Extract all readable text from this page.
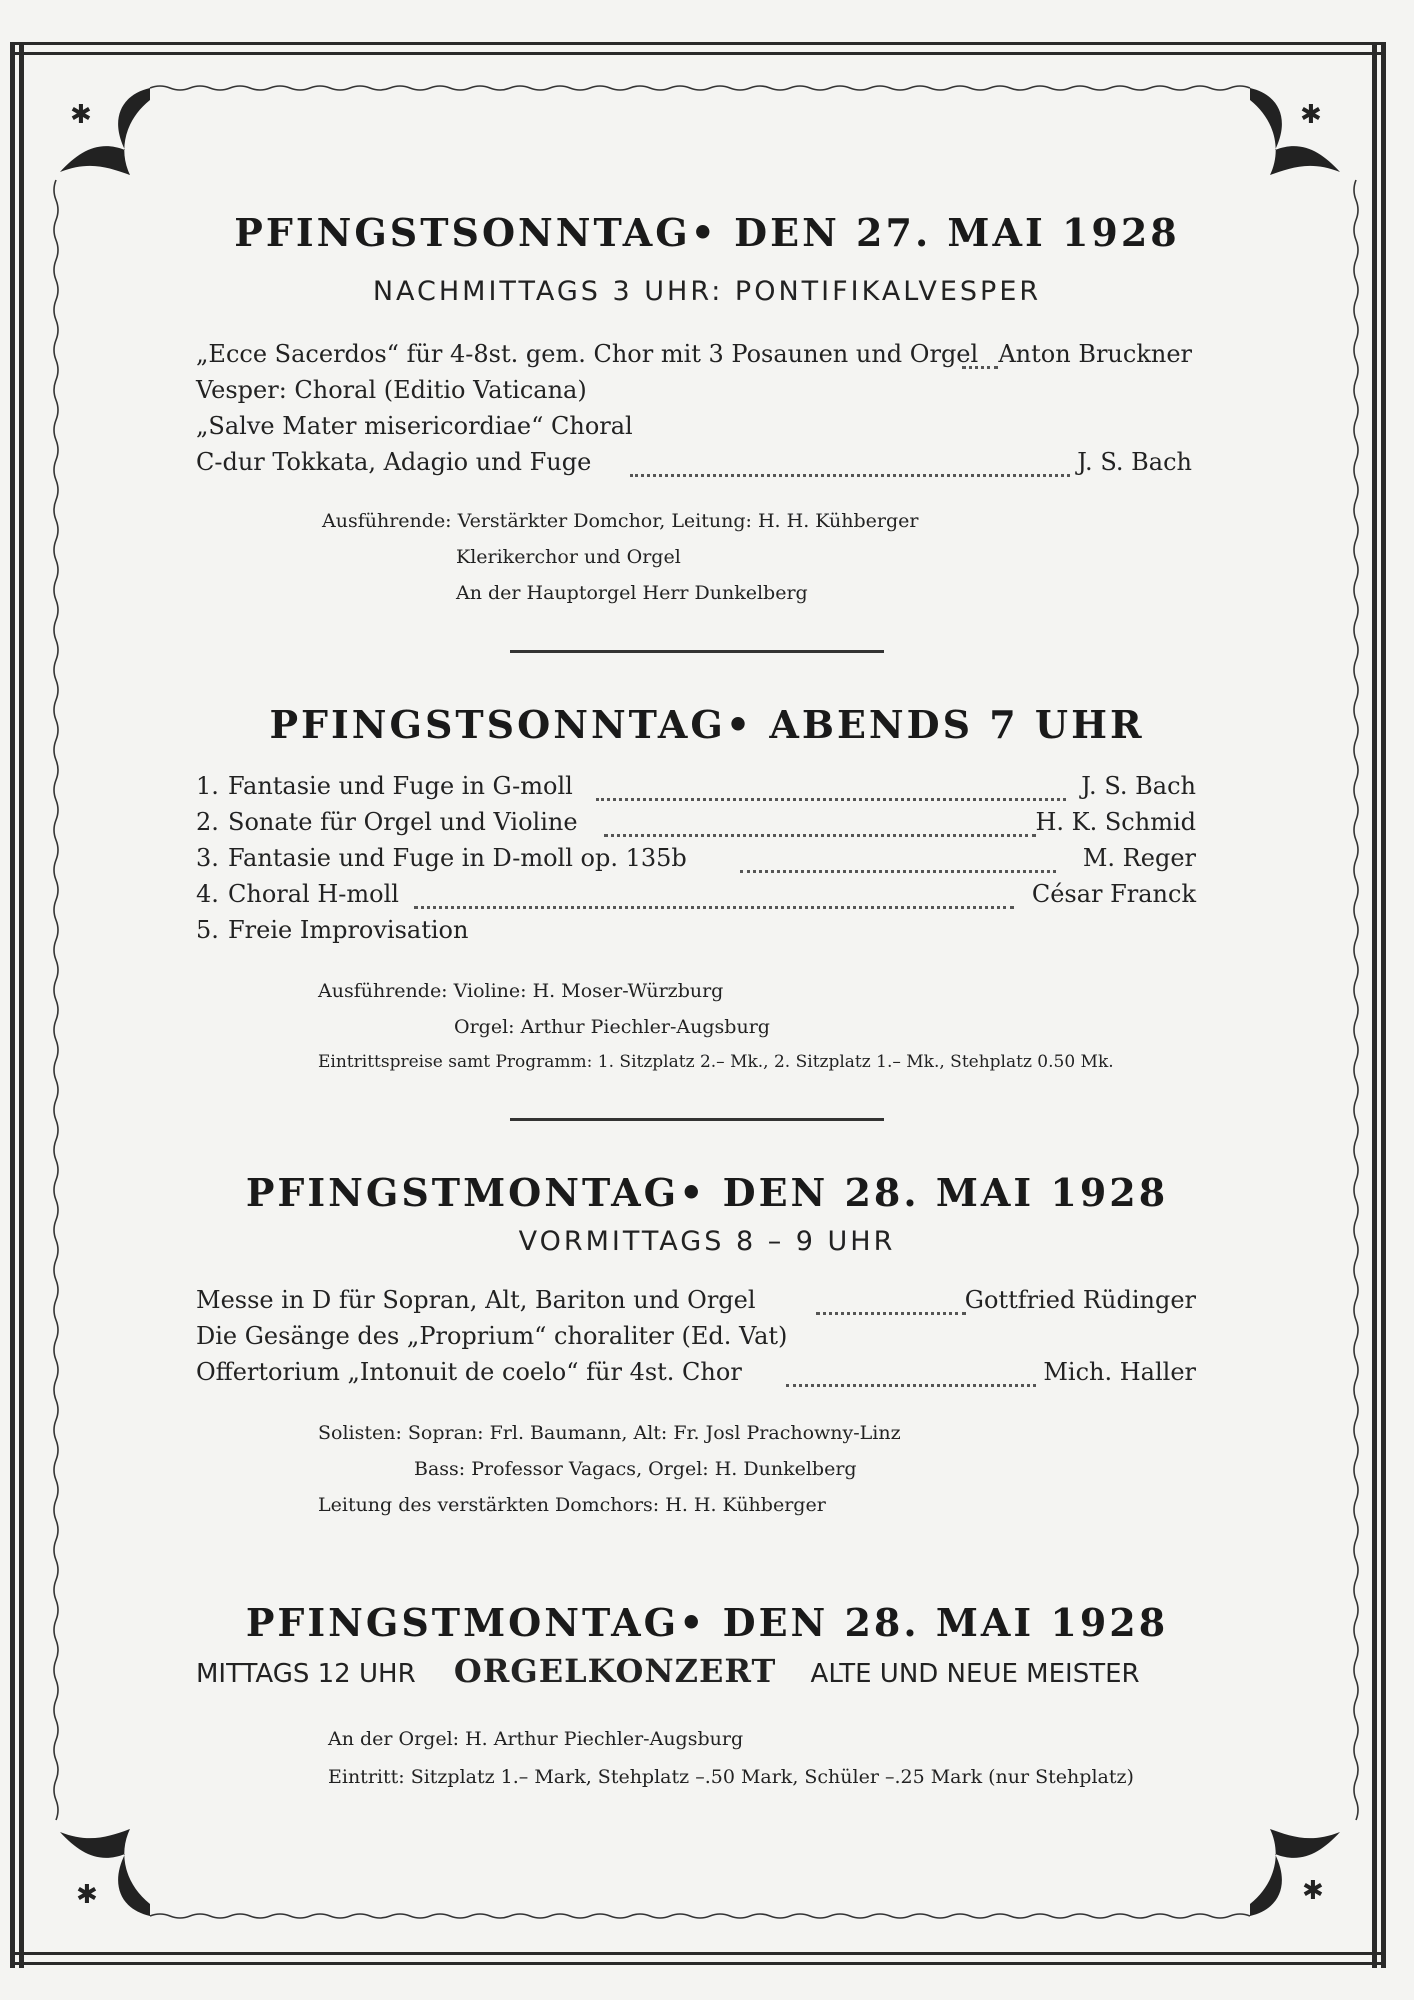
✱	✱
✱	✱
PFINGSTSONNTAG• DEN 27. MAI 1928
NACHMITTAGS 3 UHR: PONTIFIKALVESPER
„Ecce Sacerdos“ für 4-8st. gem. Chor mit 3 Posaunen und Orgel Anton Bruckner
Vesper: Choral (Editio Vaticana)
„Salve Mater misericordiae“ Choral
C-dur Tokkata, Adagio und Fuge	J. S. Bach
Ausführende: Verstärkter Domchor, Leitung: H. H. Kühberger
Klerikerchor und Orgel
An der Hauptorgel Herr Dunkelberg
PFINGSTSONNTAG• ABENDS 7 UHR
1. Fantasie und Fuge in G-moll	J. S. Bach
2. Sonate für Orgel und Violine	H. K. Schmid
3. Fantasie und Fuge in D-moll op. 135b	M. Reger
4. Choral H-moll	César Franck
5. Freie Improvisation
Ausführende: Violine: H. Moser-Würzburg
Orgel: Arthur Piechler-Augsburg
Eintrittspreise samt Programm: 1. Sitzplatz 2.– Mk., 2. Sitzplatz 1.– Mk., Stehplatz 0.50 Mk.
PFINGSTMONTAG• DEN 28. MAI 1928
VORMITTAGS 8 – 9 UHR
Messe in D für Sopran, Alt, Bariton und Orgel	Gottfried Rüdinger
Die Gesänge des „Proprium“ choraliter (Ed. Vat)
Offertorium „Intonuit de coelo“ für 4st. Chor	Mich. Haller
Solisten: Sopran: Frl. Baumann, Alt: Fr. Josl Prachowny-Linz
Bass: Professor Vagacs, Orgel: H. Dunkelberg
Leitung des verstärkten Domchors: H. H. Kühberger
PFINGSTMONTAG• DEN 28. MAI 1928
MITTAGS 12 UHR ORGELKONZERT ALTE UND NEUE MEISTER
An der Orgel: H. Arthur Piechler-Augsburg
Eintritt: Sitzplatz 1.– Mark, Stehplatz –.50 Mark, Schüler –.25 Mark (nur Stehplatz)
